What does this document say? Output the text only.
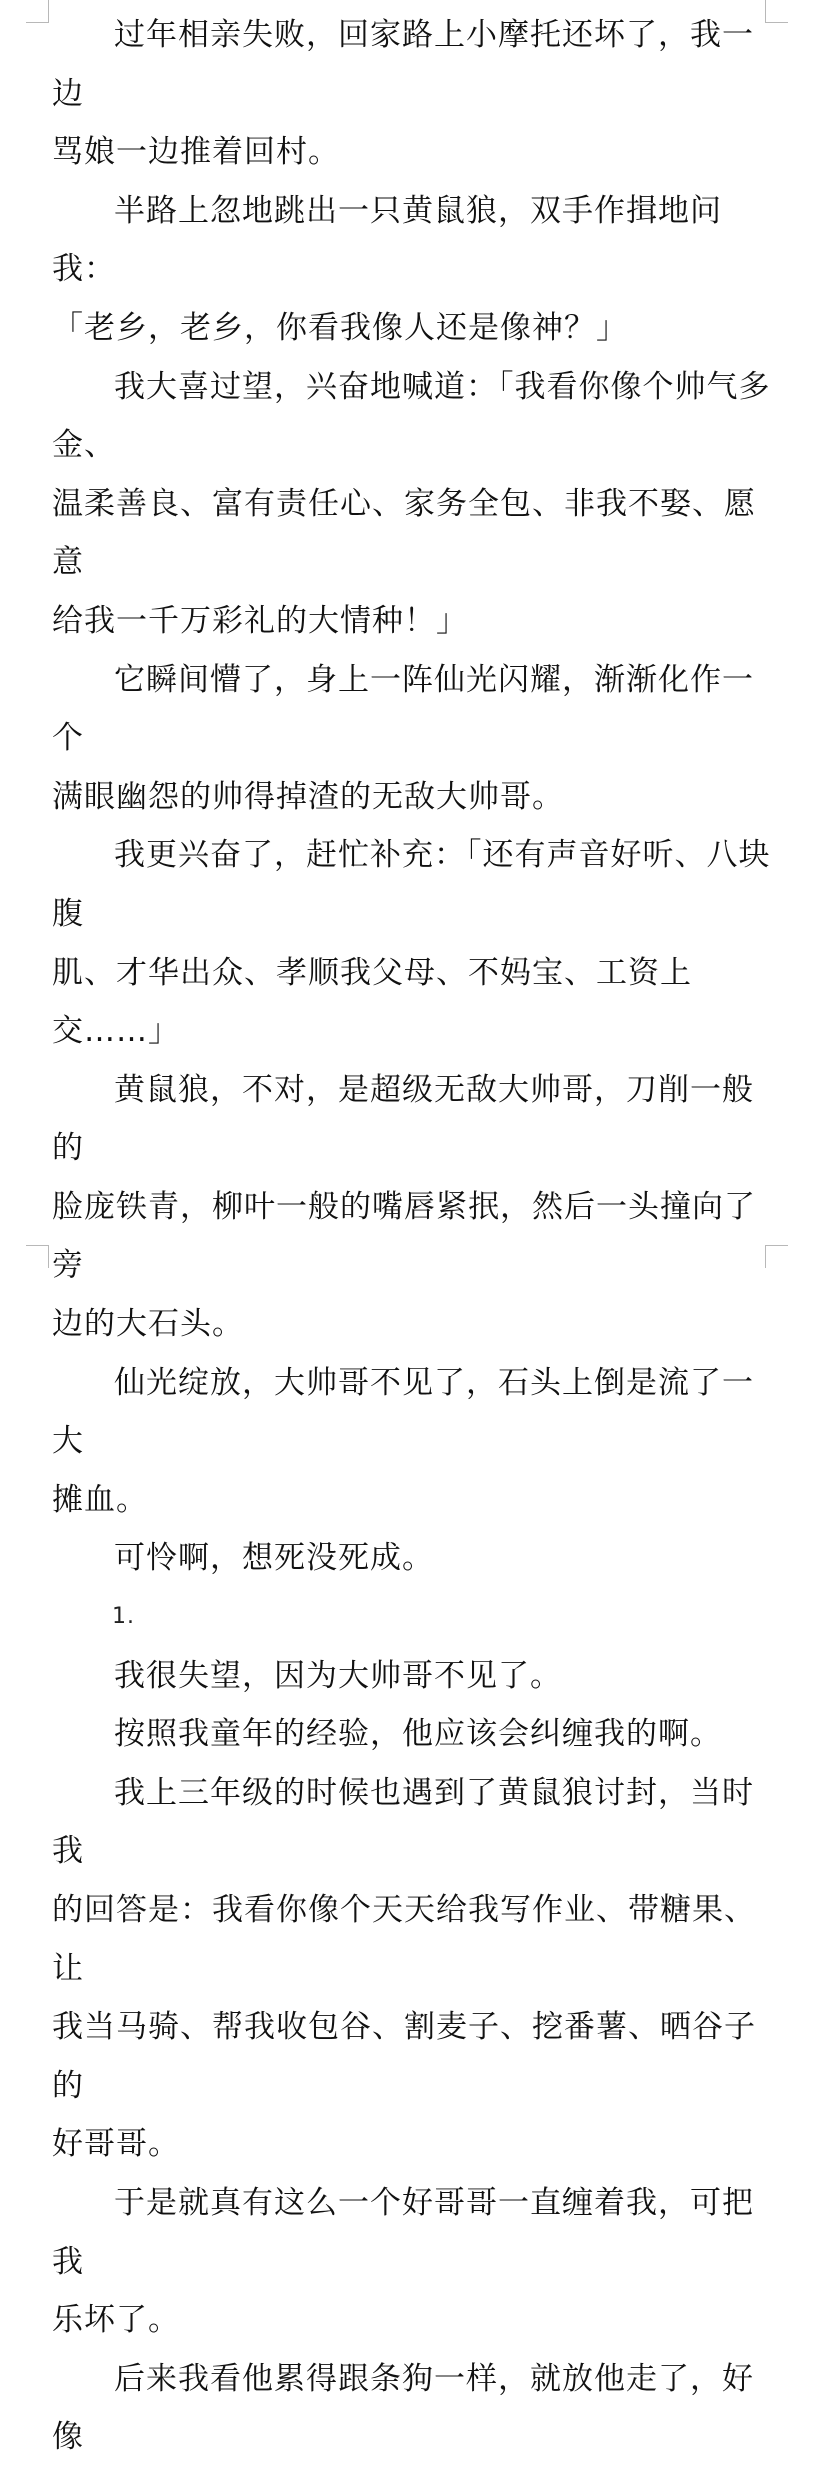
过年相亲失败，回家路上小摩托还坏了，我一边
骂娘一边推着回村。

半路上忽地跳出一只黄鼠狼，双手作揖地问我：
「老乡，老乡，你看我像人还是像神？」

我大喜过望，兴奋地喊道：「我看你像个帅气多金、
温柔善良、富有责任心、家务全包、非我不娶、愿意
给我一千万彩礼的大情种！」

它瞬间懵了，身上一阵仙光闪耀，渐渐化作一个
满眼幽怨的帅得掉渣的无敌大帅哥。

我更兴奋了，赶忙补充：「还有声音好听、八块腹
肌、才华出众、孝顺我父母、不妈宝、工资上交……」

黄鼠狼，不对，是超级无敌大帅哥，刀削一般的
脸庞铁青，柳叶一般的嘴唇紧抿，然后一头撞向了旁
边的大石头。

仙光绽放，大帅哥不见了，石头上倒是流了一大
摊血。

可怜啊，想死没死成。

1.

我很失望，因为大帅哥不见了。

按照我童年的经验，他应该会纠缠我的啊。

我上三年级的时候也遇到了黄鼠狼讨封，当时我
的回答是：我看你像个天天给我写作业、带糖果、让
我当马骑、帮我收包谷、割麦子、挖番薯、晒谷子的
好哥哥。

于是就真有这么一个好哥哥一直缠着我，可把我
乐坏了。

后来我看他累得跟条狗一样，就放他走了，好像
